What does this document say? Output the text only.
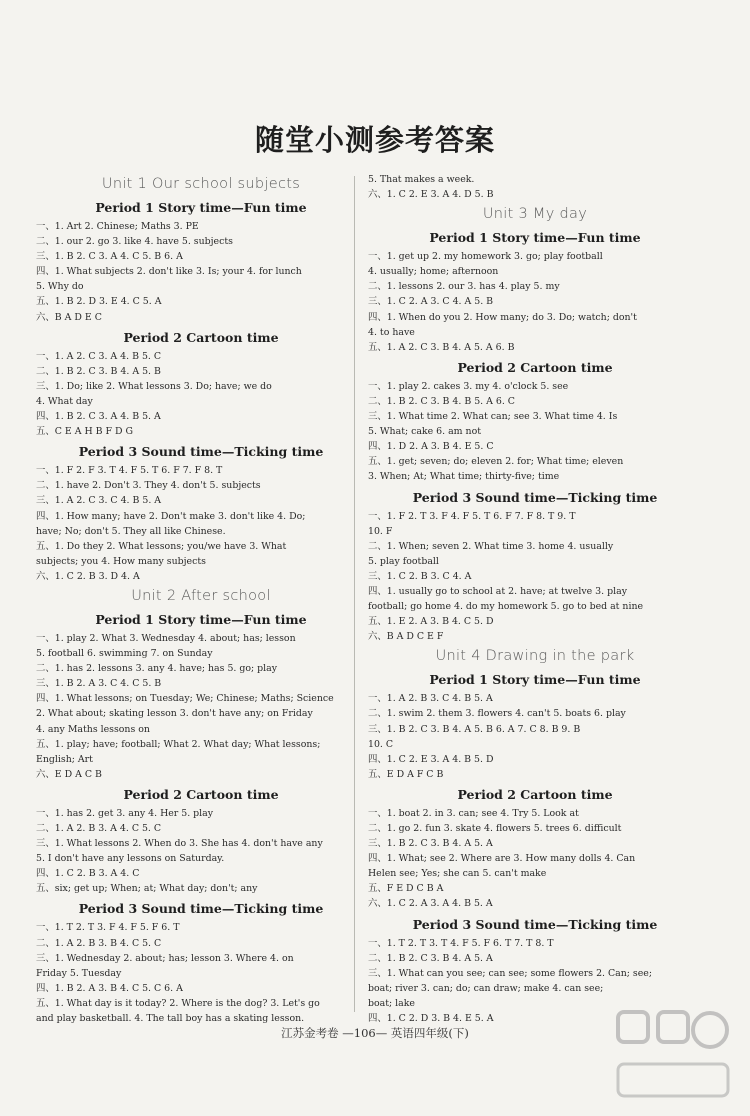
随堂小测参考答案
Unit 1 Our school subjects
Period 1 Story time—Fun time
一、1. Art 2. Chinese; Maths 3. PE
二、1. our 2. go 3. like 4. have 5. subjects
三、1. B 2. C 3. A 4. C 5. B 6. A
四、1. What subjects 2. don't like 3. Is; your 4. for lunch
5. Why do
五、1. B 2. D 3. E 4. C 5. A
六、B A D E C
Period 2 Cartoon time
一、1. A 2. C 3. A 4. B 5. C
二、1. B 2. C 3. B 4. A 5. B
三、1. Do; like 2. What lessons 3. Do; have; we do
4. What day
四、1. B 2. C 3. A 4. B 5. A
五、C E A H B F D G
Period 3 Sound time—Ticking time
一、1. F 2. F 3. T 4. F 5. T 6. F 7. F 8. T
二、1. have 2. Don't 3. They 4. don't 5. subjects
三、1. A 2. C 3. C 4. B 5. A
四、1. How many; have 2. Don't make 3. don't like 4. Do;
have; No; don't 5. They all like Chinese.
五、1. Do they 2. What lessons; you/we have 3. What
subjects; you 4. How many subjects
六、1. C 2. B 3. D 4. A
Unit 2 After school
Period 1 Story time—Fun time
一、1. play 2. What 3. Wednesday 4. about; has; lesson
5. football 6. swimming 7. on Sunday
二、1. has 2. lessons 3. any 4. have; has 5. go; play
三、1. B 2. A 3. C 4. C 5. B
四、1. What lessons; on Tuesday; We; Chinese; Maths; Science
2. What about; skating lesson 3. don't have any; on Friday
4. any Maths lessons on
五、1. play; have; football; What 2. What day; What lessons;
English; Art
六、E D A C B
Period 2 Cartoon time
一、1. has 2. get 3. any 4. Her 5. play
二、1. A 2. B 3. A 4. C 5. C
三、1. What lessons 2. When do 3. She has 4. don't have any
5. I don't have any lessons on Saturday.
四、1. C 2. B 3. A 4. C
五、six; get up; When; at; What day; don't; any
Period 3 Sound time—Ticking time
一、1. T 2. T 3. F 4. F 5. F 6. T
二、1. A 2. B 3. B 4. C 5. C
三、1. Wednesday 2. about; has; lesson 3. Where 4. on
Friday 5. Tuesday
四、1. B 2. A 3. B 4. C 5. C 6. A
五、1. What day is it today? 2. Where is the dog? 3. Let's go
and play basketball. 4. The tall boy has a skating lesson.
5. That makes a week.
六、1. C 2. E 3. A 4. D 5. B
Unit 3 My day
Period 1 Story time—Fun time
一、1. get up 2. my homework 3. go; play football
4. usually; home; afternoon
二、1. lessons 2. our 3. has 4. play 5. my
三、1. C 2. A 3. C 4. A 5. B
四、1. When do you 2. How many; do 3. Do; watch; don't
4. to have
五、1. A 2. C 3. B 4. A 5. A 6. B
Period 2 Cartoon time
一、1. play 2. cakes 3. my 4. o'clock 5. see
二、1. B 2. C 3. B 4. B 5. A 6. C
三、1. What time 2. What can; see 3. What time 4. Is
5. What; cake 6. am not
四、1. D 2. A 3. B 4. E 5. C
五、1. get; seven; do; eleven 2. for; What time; eleven
3. When; At; What time; thirty-five; time
Period 3 Sound time—Ticking time
一、1. F 2. T 3. F 4. F 5. T 6. F 7. F 8. T 9. T
10. F
二、1. When; seven 2. What time 3. home 4. usually
5. play football
三、1. C 2. B 3. C 4. A
四、1. usually go to school at 2. have; at twelve 3. play
football; go home 4. do my homework 5. go to bed at nine
五、1. E 2. A 3. B 4. C 5. D
六、B A D C E F
Unit 4 Drawing in the park
Period 1 Story time—Fun time
一、1. A 2. B 3. C 4. B 5. A
二、1. swim 2. them 3. flowers 4. can't 5. boats 6. play
三、1. B 2. C 3. B 4. A 5. B 6. A 7. C 8. B 9. B
10. C
四、1. C 2. E 3. A 4. B 5. D
五、E D A F C B
Period 2 Cartoon time
一、1. boat 2. in 3. can; see 4. Try 5. Look at
二、1. go 2. fun 3. skate 4. flowers 5. trees 6. difficult
三、1. B 2. C 3. B 4. A 5. A
四、1. What; see 2. Where are 3. How many dolls 4. Can
Helen see; Yes; she can 5. can't make
五、F E D C B A
六、1. C 2. A 3. A 4. B 5. A
Period 3 Sound time—Ticking time
一、1. T 2. T 3. T 4. F 5. F 6. T 7. T 8. T
二、1. B 2. C 3. B 4. A 5. A
三、1. What can you see; can see; some flowers 2. Can; see;
boat; river 3. can; do; can draw; make 4. can see;
boat; lake
四、1. C 2. D 3. B 4. E 5. A
江苏金考卷 —106— 英语四年级(下)
